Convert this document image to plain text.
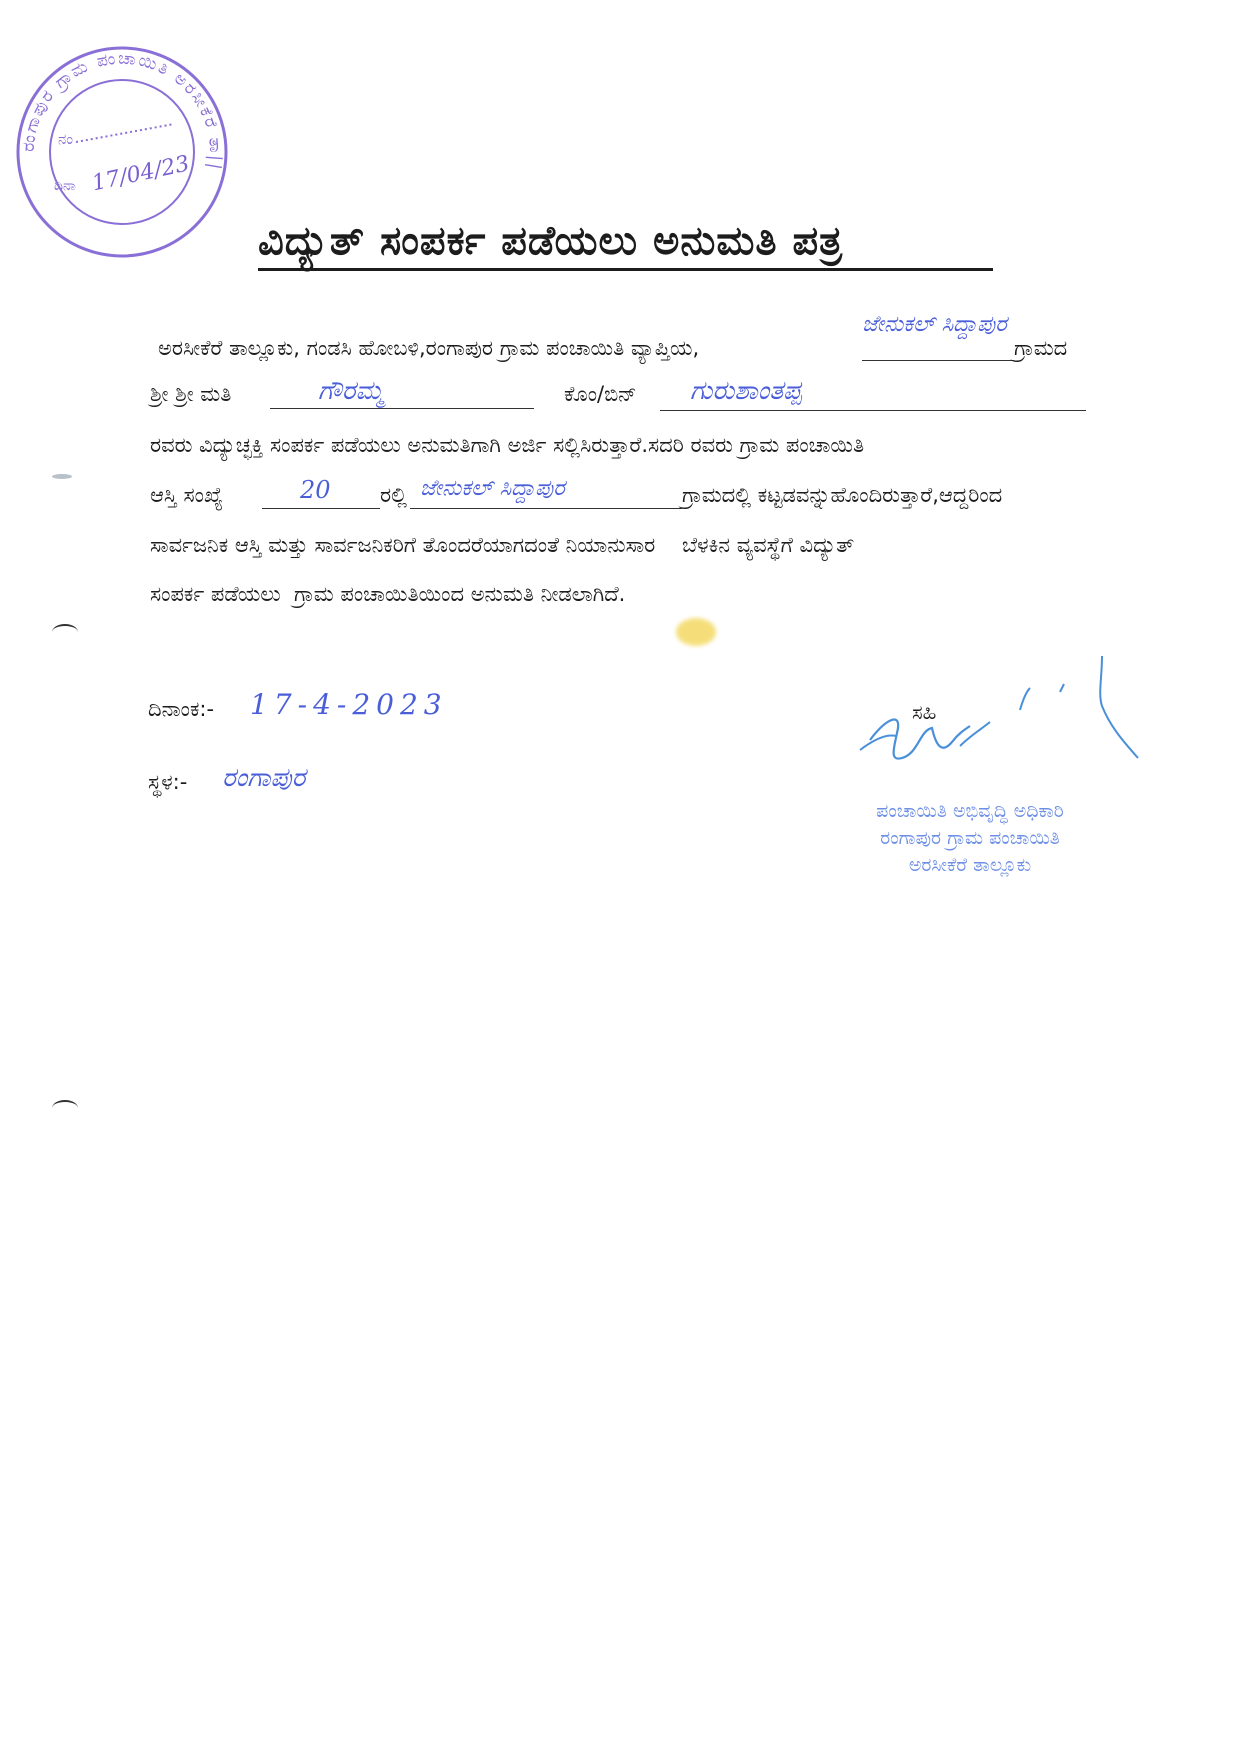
ರಂಗಾಪುರ ಗ್ರಾಮ ಪಂಚಾಯಿತಿ ಅರಸೀಕೆರೆ ತಾ||
ನಂ
ದಿನಾ 17/04/23
ವಿದ್ಯುತ್ ಸಂಪರ್ಕ ಪಡೆಯಲು ಅನುಮತಿ ಪತ್ರ
ಅರಸೀಕೆರೆ ತಾಲ್ಲೂಕು, ಗಂಡಸಿ ಹೋಬಳಿ,ರಂಗಾಪುರ ಗ್ರಾಮ ಪಂಚಾಯಿತಿ ವ್ಯಾಪ್ತಿಯ,
ಜೇನುಕಲ್ ಸಿದ್ದಾಪುರ
ಗ್ರಾಮದ
ಶ್ರೀ ಶ್ರೀ ಮತಿ	ಗೌರಮ್ಮ	ಕೊಂ/ಬಿನ್ ಗುರುಶಾಂತಪ್ಪ
ರವರು ವಿದ್ಯುಚ್ಛಕ್ತಿ ಸಂಪರ್ಕ ಪಡೆಯಲು ಅನುಮತಿಗಾಗಿ ಅರ್ಜಿ ಸಲ್ಲಿಸಿರುತ್ತಾರೆ.ಸದರಿ ರವರು ಗ್ರಾಮ ಪಂಚಾಯಿತಿ
ಆಸ್ತಿ ಸಂಖ್ಯೆ	20 ರಲ್ಲಿ ಜೇನುಕಲ್ ಸಿದ್ದಾಪುರ	ಗ್ರಾಮದಲ್ಲಿ ಕಟ್ಟಡವನ್ನುಹೊಂದಿರುತ್ತಾರೆ,ಆದ್ದರಿಂದ
ಸಾರ್ವಜನಿಕ ಆಸ್ತಿ ಮತ್ತು ಸಾರ್ವಜನಿಕರಿಗೆ ತೊಂದರೆಯಾಗದಂತೆ ನಿಯಾನುಸಾರ    ಬೆಳಕಿನ ವ್ಯವಸ್ಥೆಗೆ ವಿದ್ಯುತ್
ಸಂಪರ್ಕ ಪಡೆಯಲು  ಗ್ರಾಮ ಪಂಚಾಯಿತಿಯಿಂದ ಅನುಮತಿ ನೀಡಲಾಗಿದೆ.
ದಿನಾಂಕ:- 17-4-2023
ಸ್ಥಳ:- ರಂಗಾಪುರ
ಸಹಿ
ಪಂಚಾಯಿತಿ ಅಭಿವೃದ್ಧಿ ಅಧಿಕಾರಿ
ರಂಗಾಪುರ ಗ್ರಾಮ ಪಂಚಾಯಿತಿ
ಅರಸೀಕೆರೆ ತಾಲ್ಲೂಕು
